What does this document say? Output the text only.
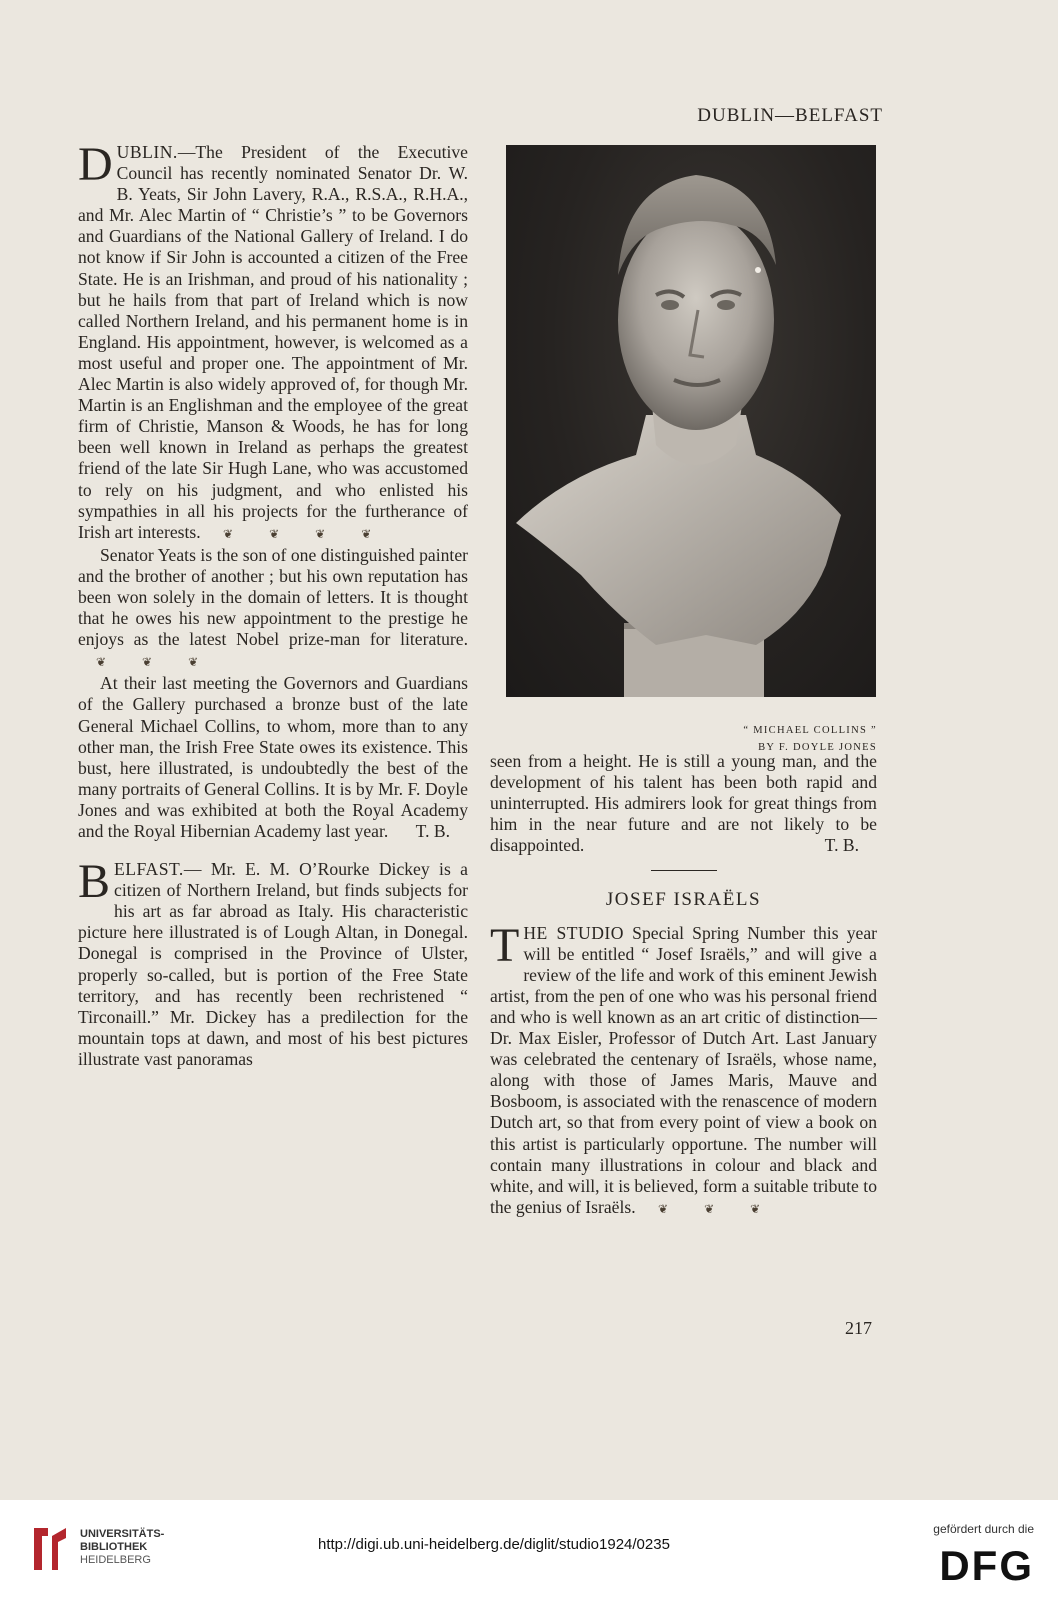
DUBLIN—BELFAST

DUBLIN.—The President of the Executive Council has recently nominated Senator Dr. W. B. Yeats, Sir John Lavery, R.A., R.S.A., R.H.A., and Mr. Alec Martin of “ Christie’s ” to be Governors and Guardians of the National Gallery of Ireland. I do not know if Sir John is accounted a citizen of the Free State. He is an Irishman, and proud of his nationality ; but he hails from that part of Ireland which is now called Northern Ireland, and his permanent home is in England. His appointment, however, is welcomed as a most useful and proper one. The appointment of Mr. Alec Martin is also widely approved of, for though Mr. Martin is an Englishman and the employee of the great firm of Christie, Manson & Woods, he has for long been well known in Ireland as perhaps the greatest friend of the late Sir Hugh Lane, who was accustomed to rely on his judgment, and who enlisted his sympathies in all his projects for the furtherance of Irish art interests. ❦❦❦❦

Senator Yeats is the son of one distinguished painter and the brother of another ; but his own reputation has been won solely in the domain of letters. It is thought that he owes his new appointment to the prestige he enjoys as the latest Nobel prize-man for literature. ❦❦❦

At their last meeting the Governors and Guardians of the Gallery purchased a bronze bust of the late General Michael Collins, to whom, more than to any other man, the Irish Free State owes its existence. This bust, here illustrated, is undoubtedly the best of the many portraits of General Collins. It is by Mr. F. Doyle Jones and was exhibited at both the Royal Academy and the Royal Hibernian Academy last year.	T. B.

BELFAST.— Mr. E. M. O’Rourke Dickey is a citizen of Northern Ireland, but finds subjects for his art as far abroad as Italy. His characteristic picture here illustrated is of Lough Altan, in Donegal. Donegal is comprised in the Province of Ulster, properly so-called, but is portion of the Free State territory, and has recently been rechristened “ Tirconaill.” Mr. Dickey has a predilection for the mountain tops at dawn, and most of his best pictures illustrate vast panoramas

“ MICHAEL COLLINS ”
BY F. DOYLE JONES

seen from a height. He is still a young man, and the development of his talent has been both rapid and uninterrupted. His admirers look for great things from him in the near future and are not likely to be disappointed.	T. B.

JOSEF ISRAËLS

THE STUDIO Special Spring Number this year will be entitled “ Josef Israëls,” and will give a review of the life and work of this eminent Jewish artist, from the pen of one who was his personal friend and who is well known as an art critic of distinction—Dr. Max Eisler, Professor of Dutch Art. Last January was celebrated the centenary of Israëls, whose name, along with those of James Maris, Mauve and Bosboom, is associated with the renascence of modern Dutch art, so that from every point of view a book on this artist is particularly opportune. The number will contain many illustrations in colour and black and white, and will, it is believed, form a suitable tribute to the genius of Israëls. ❦❦❦

217
UNIVERSITÄTS-
BIBLIOTHEK
HEIDELBERG
http://digi.ub.uni-heidelberg.de/diglit/studio1924/0235
gefördert durch die
DFG
